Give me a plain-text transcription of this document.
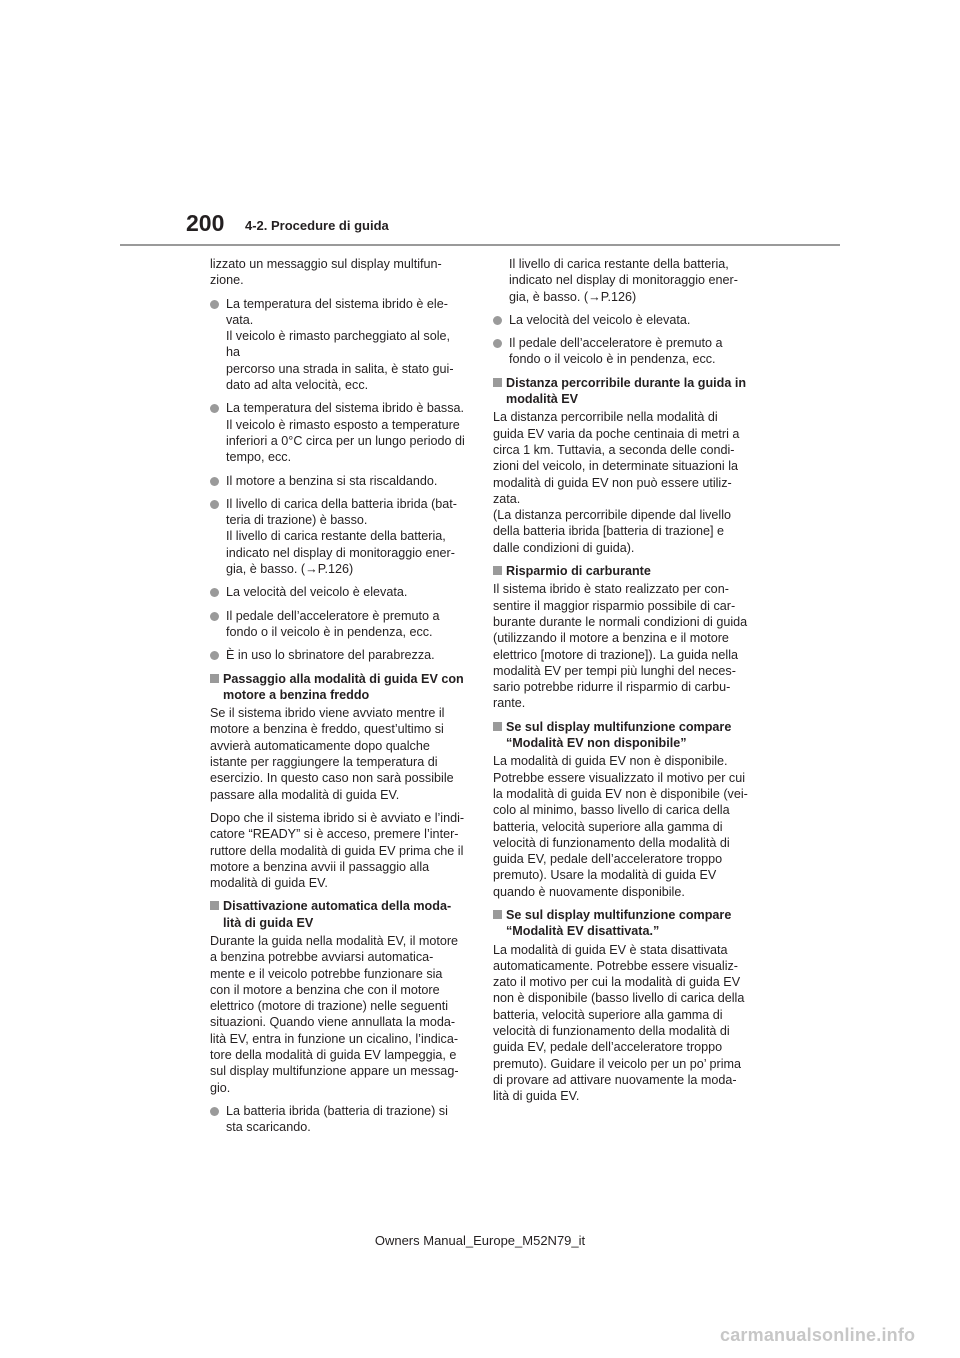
200 4-2. Procedure di guida
lizzato un messaggio sul display multifun-
zione.
La temperatura del sistema ibrido è ele-
vata.
Il veicolo è rimasto parcheggiato al sole, ha
percorso una strada in salita, è stato gui-
dato ad alta velocità, ecc.
La temperatura del sistema ibrido è bassa.
Il veicolo è rimasto esposto a temperature
inferiori a 0°C circa per un lungo periodo di
tempo, ecc.
Il motore a benzina si sta riscaldando.
Il livello di carica della batteria ibrida (bat-
teria di trazione) è basso.
Il livello di carica restante della batteria,
indicato nel display di monitoraggio ener-
gia, è basso. (→P.126)
La velocità del veicolo è elevata.
Il pedale dell’acceleratore è premuto a
fondo o il veicolo è in pendenza, ecc.
È in uso lo sbrinatore del parabrezza.
Passaggio alla modalità di guida EV con
motore a benzina freddo
Se il sistema ibrido viene avviato mentre il
motore a benzina è freddo, quest’ultimo si
avvierà automaticamente dopo qualche
istante per raggiungere la temperatura di
esercizio. In questo caso non sarà possibile
passare alla modalità di guida EV.
Dopo che il sistema ibrido si è avviato e l’indi-
catore “READY” si è acceso, premere l’inter-
ruttore della modalità di guida EV prima che il
motore a benzina avvii il passaggio alla
modalità di guida EV.
Disattivazione automatica della moda-
lità di guida EV
Durante la guida nella modalità EV, il motore
a benzina potrebbe avviarsi automatica-
mente e il veicolo potrebbe funzionare sia
con il motore a benzina che con il motore
elettrico (motore di trazione) nelle seguenti
situazioni. Quando viene annullata la moda-
lità EV, entra in funzione un cicalino, l’indica-
tore della modalità di guida EV lampeggia, e
sul display multifunzione appare un messag-
gio.
La batteria ibrida (batteria di trazione) si
sta scaricando.
Il livello di carica restante della batteria,
indicato nel display di monitoraggio ener-
gia, è basso. (→P.126)
La velocità del veicolo è elevata.
Il pedale dell’acceleratore è premuto a
fondo o il veicolo è in pendenza, ecc.
Distanza percorribile durante la guida in
modalità EV
La distanza percorribile nella modalità di
guida EV varia da poche centinaia di metri a
circa 1 km. Tuttavia, a seconda delle condi-
zioni del veicolo, in determinate situazioni la
modalità di guida EV non può essere utiliz-
zata.
(La distanza percorribile dipende dal livello
della batteria ibrida [batteria di trazione] e
dalle condizioni di guida).
Risparmio di carburante
Il sistema ibrido è stato realizzato per con-
sentire il maggior risparmio possibile di car-
burante durante le normali condizioni di guida
(utilizzando il motore a benzina e il motore
elettrico [motore di trazione]). La guida nella
modalità EV per tempi più lunghi del neces-
sario potrebbe ridurre il risparmio di carbu-
rante.
Se sul display multifunzione compare
“Modalità EV non disponibile”
La modalità di guida EV non è disponibile.
Potrebbe essere visualizzato il motivo per cui
la modalità di guida EV non è disponibile (vei-
colo al minimo, basso livello di carica della
batteria, velocità superiore alla gamma di
velocità di funzionamento della modalità di
guida EV, pedale dell’acceleratore troppo
premuto). Usare la modalità di guida EV
quando è nuovamente disponibile.
Se sul display multifunzione compare
“Modalità EV disattivata.”
La modalità di guida EV è stata disattivata
automaticamente. Potrebbe essere visualiz-
zato il motivo per cui la modalità di guida EV
non è disponibile (basso livello di carica della
batteria, velocità superiore alla gamma di
velocità di funzionamento della modalità di
guida EV, pedale dell’acceleratore troppo
premuto). Guidare il veicolo per un po’ prima
di provare ad attivare nuovamente la moda-
lità di guida EV.
Owners Manual_Europe_M52N79_it
carmanualsonline.info
